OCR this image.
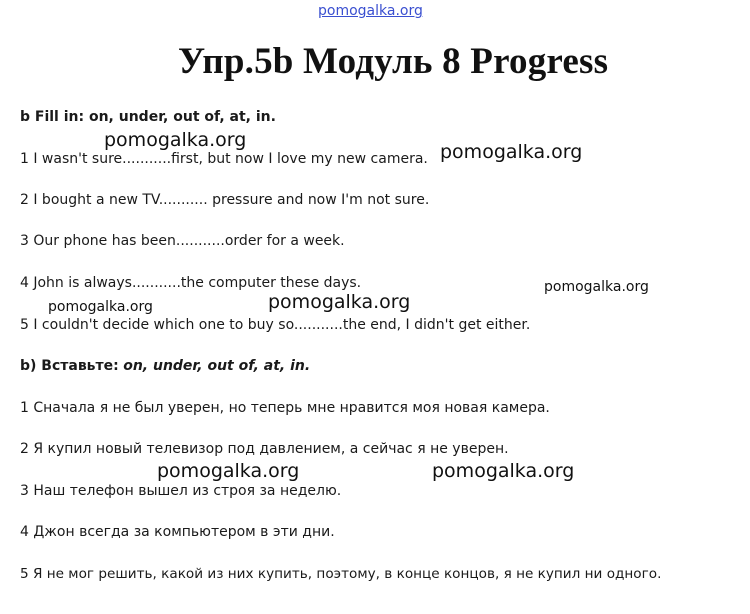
pomogalka.org
Упр.5b Модуль 8 Progress
b Fill in: on, under, out of, at, in.
1 I wasn't sure...........first, but now I love my new camera.
2 I bought a new TV........... pressure and now I'm not sure.
3 Our phone has been...........order for a week.
4 John is always...........the computer these days.
5 I couldn't decide which one to buy so...........the end, I didn't get either.
b) Вставьте: on, under, out of, at, in.
1 Сначала я не был уверен, но теперь мне нравится моя новая камера.
2 Я купил новый телевизор под давлением, а сейчас я не уверен.
3 Наш телефон вышел из строя за неделю.
4 Джон всегда за компьютером в эти дни.
5 Я не мог решить, какой из них купить, поэтому, в конце концов, я не купил ни одного.
pomogalka.org
pomogalka.org
pomogalka.org
pomogalka.org	pomogalka.org
pomogalka.org	pomogalka.org
